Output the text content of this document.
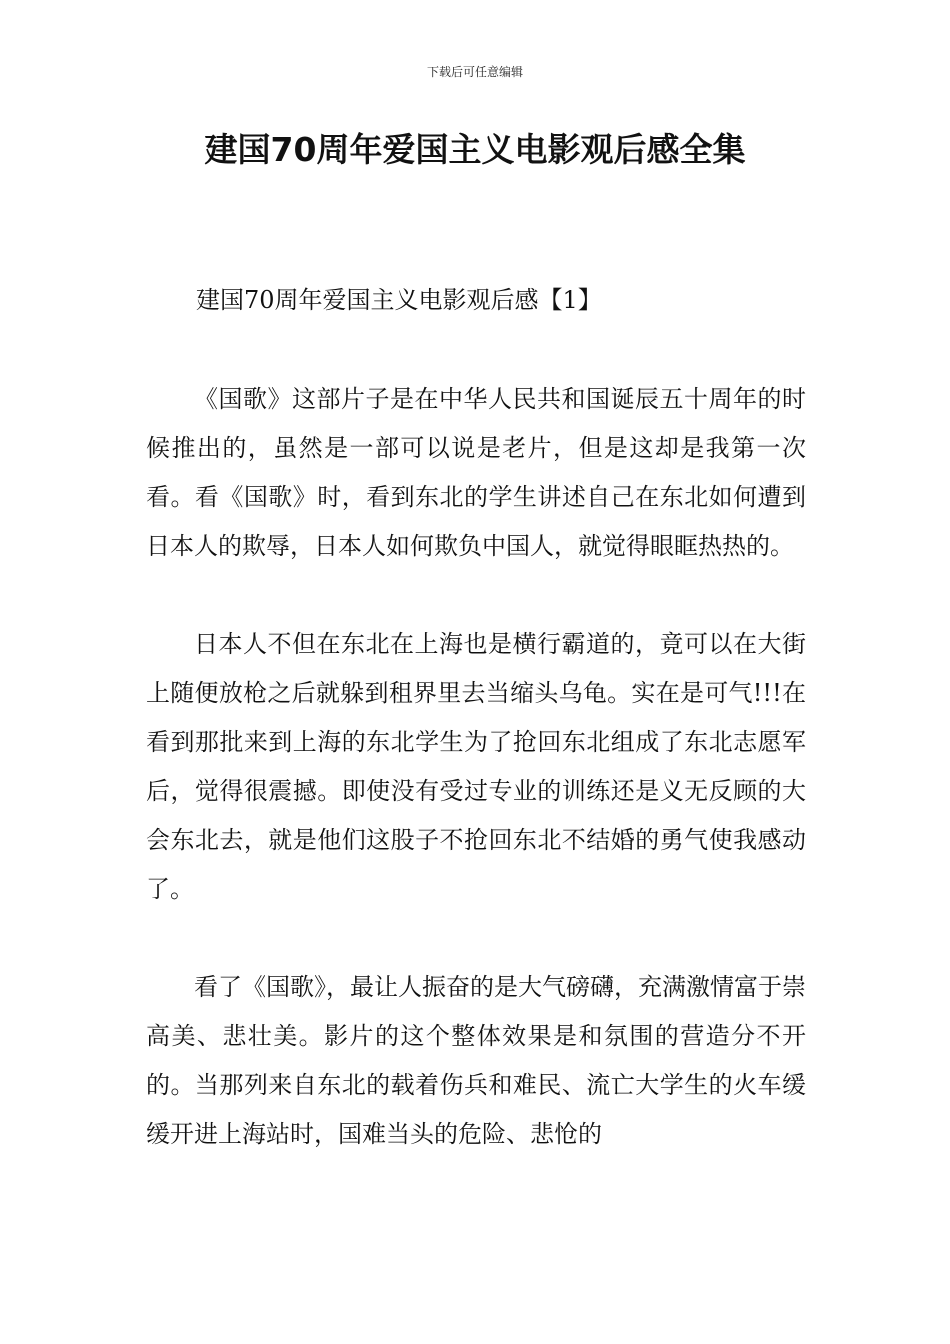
下载后可任意编辑
建国70周年爱国主义电影观后感全集
建国70周年爱国主义电影观后感【1】

《国歌》这部片子是在中华人民共和国诞辰五十周年的时候推出的，虽然是一部可以说是老片，但是这却是我第一次看。看《国歌》时，看到东北的学生讲述自己在东北如何遭到日本人的欺辱，日本人如何欺负中国人，就觉得眼眶热热的。

日本人不但在东北在上海也是横行霸道的，竟可以在大街上随便放枪之后就躲到租界里去当缩头乌龟。实在是可气!!!在看到那批来到上海的东北学生为了抢回东北组成了东北志愿军后，觉得很震撼。即使没有受过专业的训练还是义无反顾的大会东北去，就是他们这股子不抢回东北不结婚的勇气使我感动了。

看了《国歌》，最让人振奋的是大气磅礴，充满激情富于崇高美、悲壮美。影片的这个整体效果是和氛围的营造分不开的。当那列来自东北的载着伤兵和难民、流亡大学生的火车缓缓开进上海站时，国难当头的危险、悲怆的
